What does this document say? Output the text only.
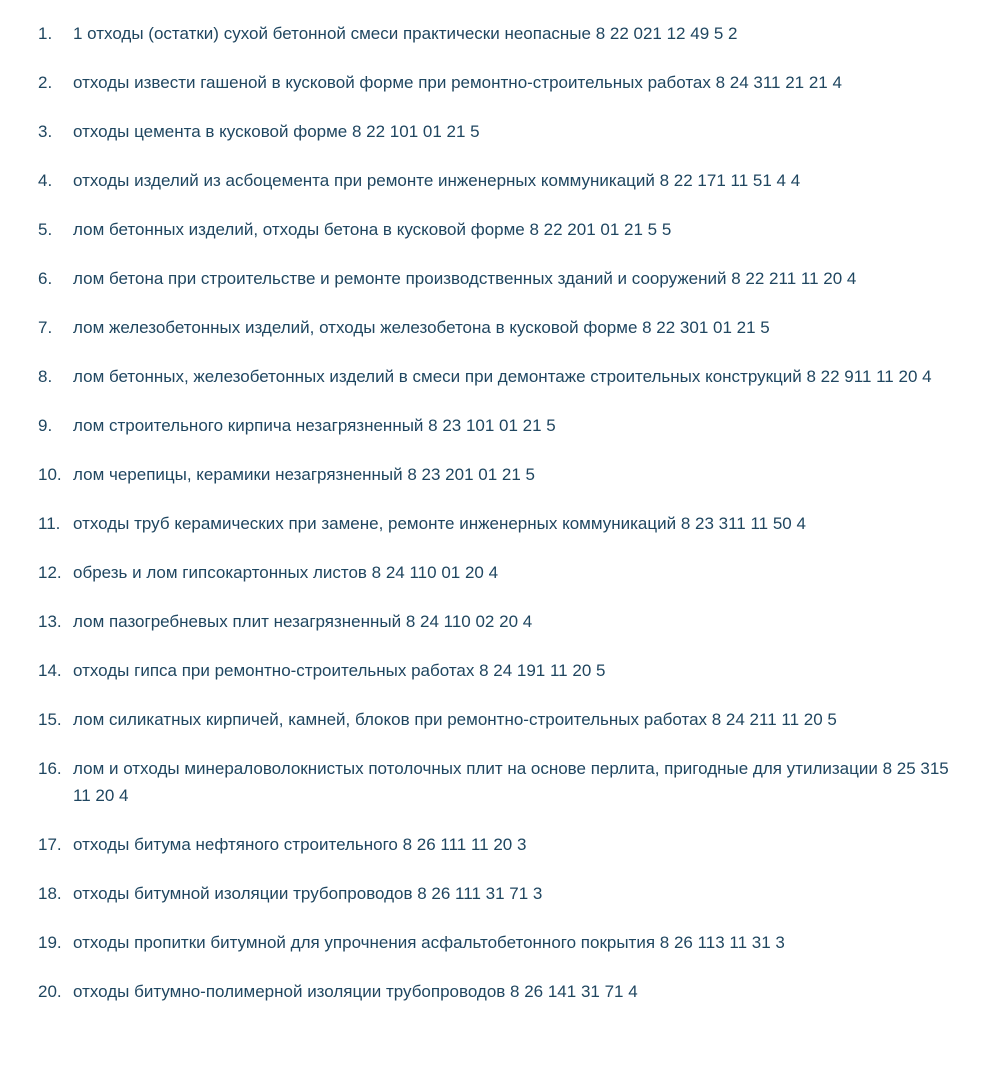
1.	1 отходы (остатки) сухой бетонной смеси практически неопасные 8 22 021 12 49 5 2
2.	отходы извести гашеной в кусковой форме при ремонтно-строительных работах 8 24 311 21 21 4
3.	отходы цемента в кусковой форме 8 22 101 01 21 5
4.	отходы изделий из асбоцемента при ремонте инженерных коммуникаций 8 22 171 11 51 4 4
5.	лом бетонных изделий, отходы бетона в кусковой форме 8 22 201 01 21 5 5
6.	лом бетона при строительстве и ремонте производственных зданий и сооружений 8 22 211 11 20 4
7.	лом железобетонных изделий, отходы железобетона в кусковой форме 8 22 301 01 21 5
8.	лом бетонных, железобетонных изделий в смеси при демонтаже строительных конструкций 8 22 911 11 20 4
9.	лом строительного кирпича незагрязненный 8 23 101 01 21 5
10. лом черепицы, керамики незагрязненный 8 23 201 01 21 5
11. отходы труб керамических при замене, ремонте инженерных коммуникаций 8 23 311 11 50 4
12. обрезь и лом гипсокартонных листов 8 24 110 01 20 4
13. лом пазогребневых плит незагрязненный 8 24 110 02 20 4
14. отходы гипса при ремонтно-строительных работах 8 24 191 11 20 5
15. лом силикатных кирпичей, камней, блоков при ремонтно-строительных работах 8 24 211 11 20 5
16. лом и отходы минераловолокнистых потолочных плит на основе перлита, пригодные для утилизации 8 25 315 11 20 4
17. отходы битума нефтяного строительного 8 26 111 11 20 3
18. отходы битумной изоляции трубопроводов 8 26 111 31 71 3
19. отходы пропитки битумной для упрочнения асфальтобетонного покрытия 8 26 113 11 31 3
20. отходы битумно-полимерной изоляции трубопроводов 8 26 141 31 71 4
